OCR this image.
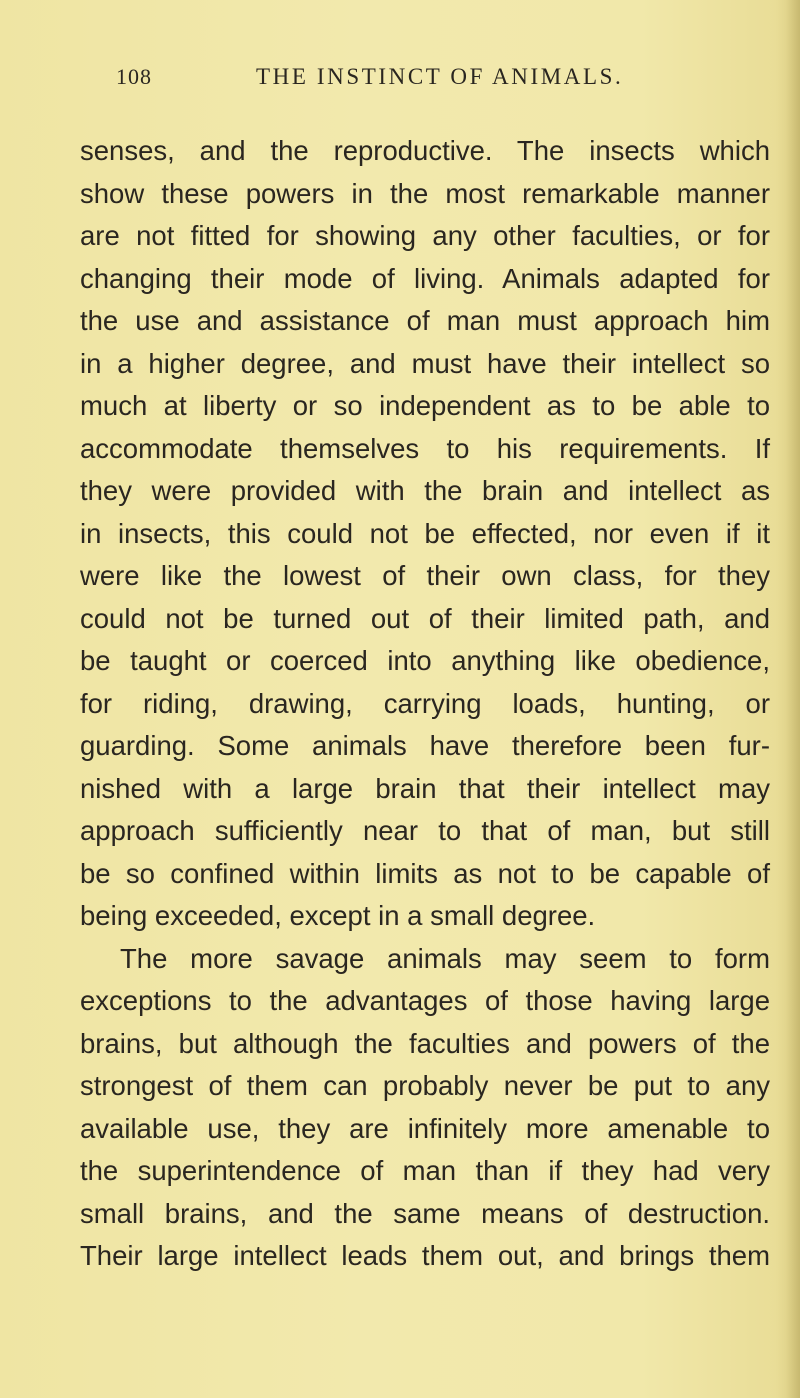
108	THE INSTINCT OF ANIMALS.
senses, and the reproductive. The insects which
show these powers in the most remarkable manner
are not fitted for showing any other faculties, or for
changing their mode of living. Animals adapted for
the use and assistance of man must approach him
in a higher degree, and must have their intellect so
much at liberty or so independent as to be able to
accommodate themselves to his requirements. If
they were provided with the brain and intellect as
in insects, this could not be effected, nor even if it
were like the lowest of their own class, for they
could not be turned out of their limited path, and
be taught or coerced into anything like obedience,
for riding, drawing, carrying loads, hunting, or
guarding. Some animals have therefore been fur-
nished with a large brain that their intellect may
approach sufficiently near to that of man, but still
be so confined within limits as not to be capable of
being exceeded, except in a small degree.
The more savage animals may seem to form
exceptions to the advantages of those having large
brains, but although the faculties and powers of the
strongest of them can probably never be put to any
available use, they are infinitely more amenable to
the superintendence of man than if they had very
small brains, and the same means of destruction.
Their large intellect leads them out, and brings them
